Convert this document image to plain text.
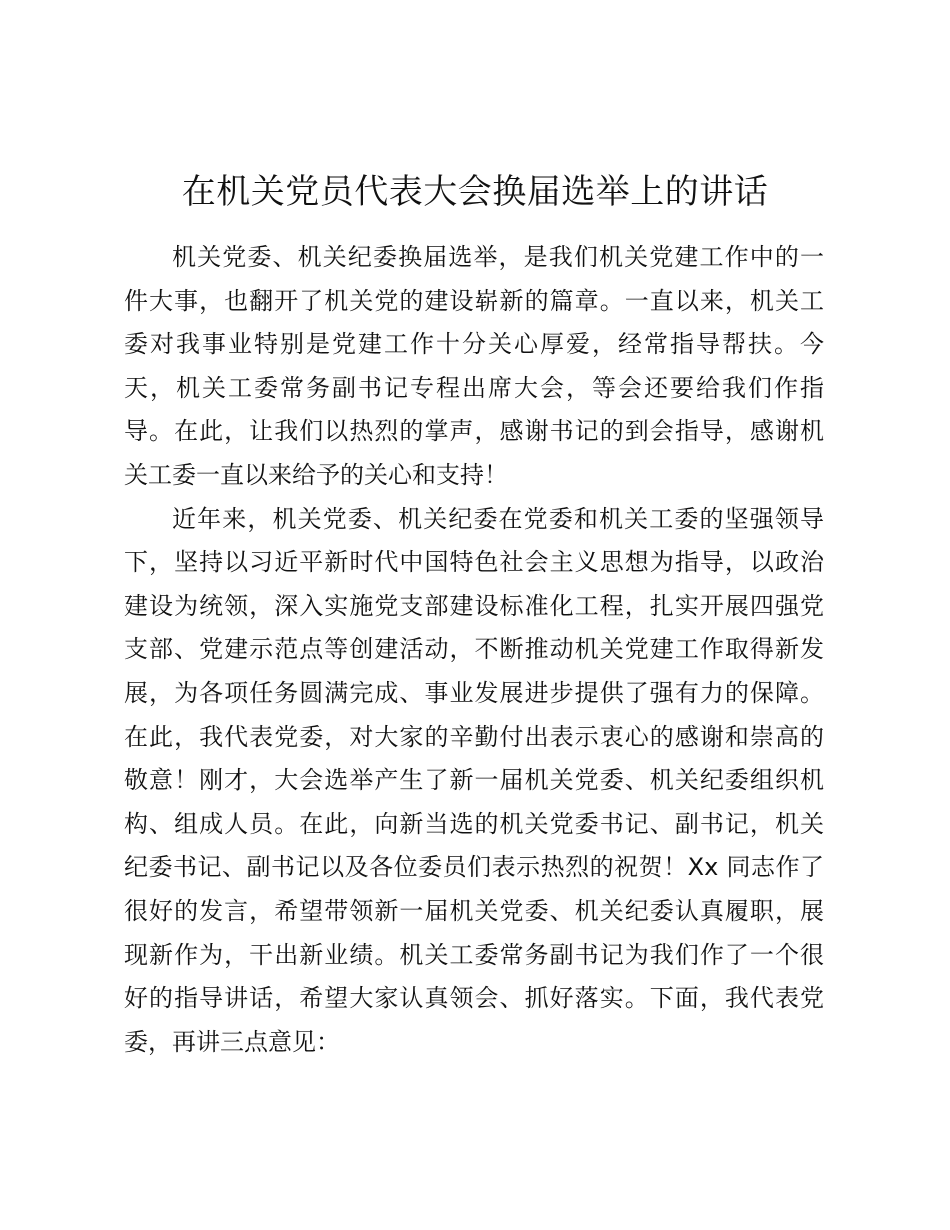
在机关党员代表大会换届选举上的讲话
机关党委、机关纪委换届选举，是我们机关党建工作中的一
件大事，也翻开了机关党的建设崭新的篇章。一直以来，机关工
委对我事业特别是党建工作十分关心厚爱，经常指导帮扶。今
天，机关工委常务副书记专程出席大会，等会还要给我们作指
导。在此，让我们以热烈的掌声，感谢书记的到会指导，感谢机
关工委一直以来给予的关心和支持！
近年来，机关党委、机关纪委在党委和机关工委的坚强领导
下，坚持以习近平新时代中国特色社会主义思想为指导，以政治
建设为统领，深入实施党支部建设标准化工程，扎实开展四强党
支部、党建示范点等创建活动，不断推动机关党建工作取得新发
展，为各项任务圆满完成、事业发展进步提供了强有力的保障。
在此，我代表党委，对大家的辛勤付出表示衷心的感谢和崇高的
敬意！刚才，大会选举产生了新一届机关党委、机关纪委组织机
构、组成人员。在此，向新当选的机关党委书记、副书记，机关
纪委书记、副书记以及各位委员们表示热烈的祝贺！Xx 同志作了
很好的发言，希望带领新一届机关党委、机关纪委认真履职，展
现新作为，干出新业绩。机关工委常务副书记为我们作了一个很
好的指导讲话，希望大家认真领会、抓好落实。下面，我代表党
委，再讲三点意见：
